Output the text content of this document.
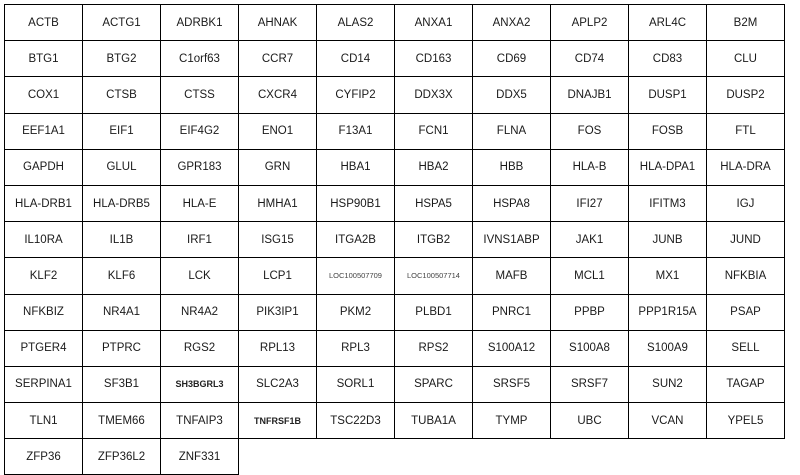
ACTB	ACTG1	ADRBK1	AHNAK	ALAS2	ANXA1	ANXA2	APLP2	ARL4C	B2M
BTG1	BTG2	C1orf63	CCR7	CD14	CD163	CD69	CD74	CD83	CLU
COX1	CTSB	CTSS	CXCR4	CYFIP2	DDX3X	DDX5	DNAJB1	DUSP1	DUSP2
EEF1A1	EIF1	EIF4G2	ENO1	F13A1	FCN1	FLNA	FOS	FOSB	FTL
GAPDH	GLUL	GPR183	GRN	HBA1	HBA2	HBB	HLA-B	HLA-DPA1	HLA-DRA
HLA-DRB1	HLA-DRB5	HLA-E	HMHA1	HSP90B1	HSPA5	HSPA8	IFI27	IFITM3	IGJ
IL10RA	IL1B	IRF1	ISG15	ITGA2B	ITGB2	IVNS1ABP	JAK1	JUNB	JUND
KLF2	KLF6	LCK	LCP1	LOC100507709	LOC100507714	MAFB	MCL1	MX1	NFKBIA
NFKBIZ	NR4A1	NR4A2	PIK3IP1	PKM2	PLBD1	PNRC1	PPBP	PPP1R15A	PSAP
PTGER4	PTPRC	RGS2	RPL13	RPL3	RPS2	S100A12	S100A8	S100A9	SELL
SERPINA1	SF3B1	SH3BGRL3	SLC2A3	SORL1	SPARC	SRSF5	SRSF7	SUN2	TAGAP
TLN1	TMEM66	TNFAIP3	TNFRSF1B	TSC22D3	TUBA1A	TYMP	UBC	VCAN	YPEL5
ZFP36	ZFP36L2	ZNF331							
